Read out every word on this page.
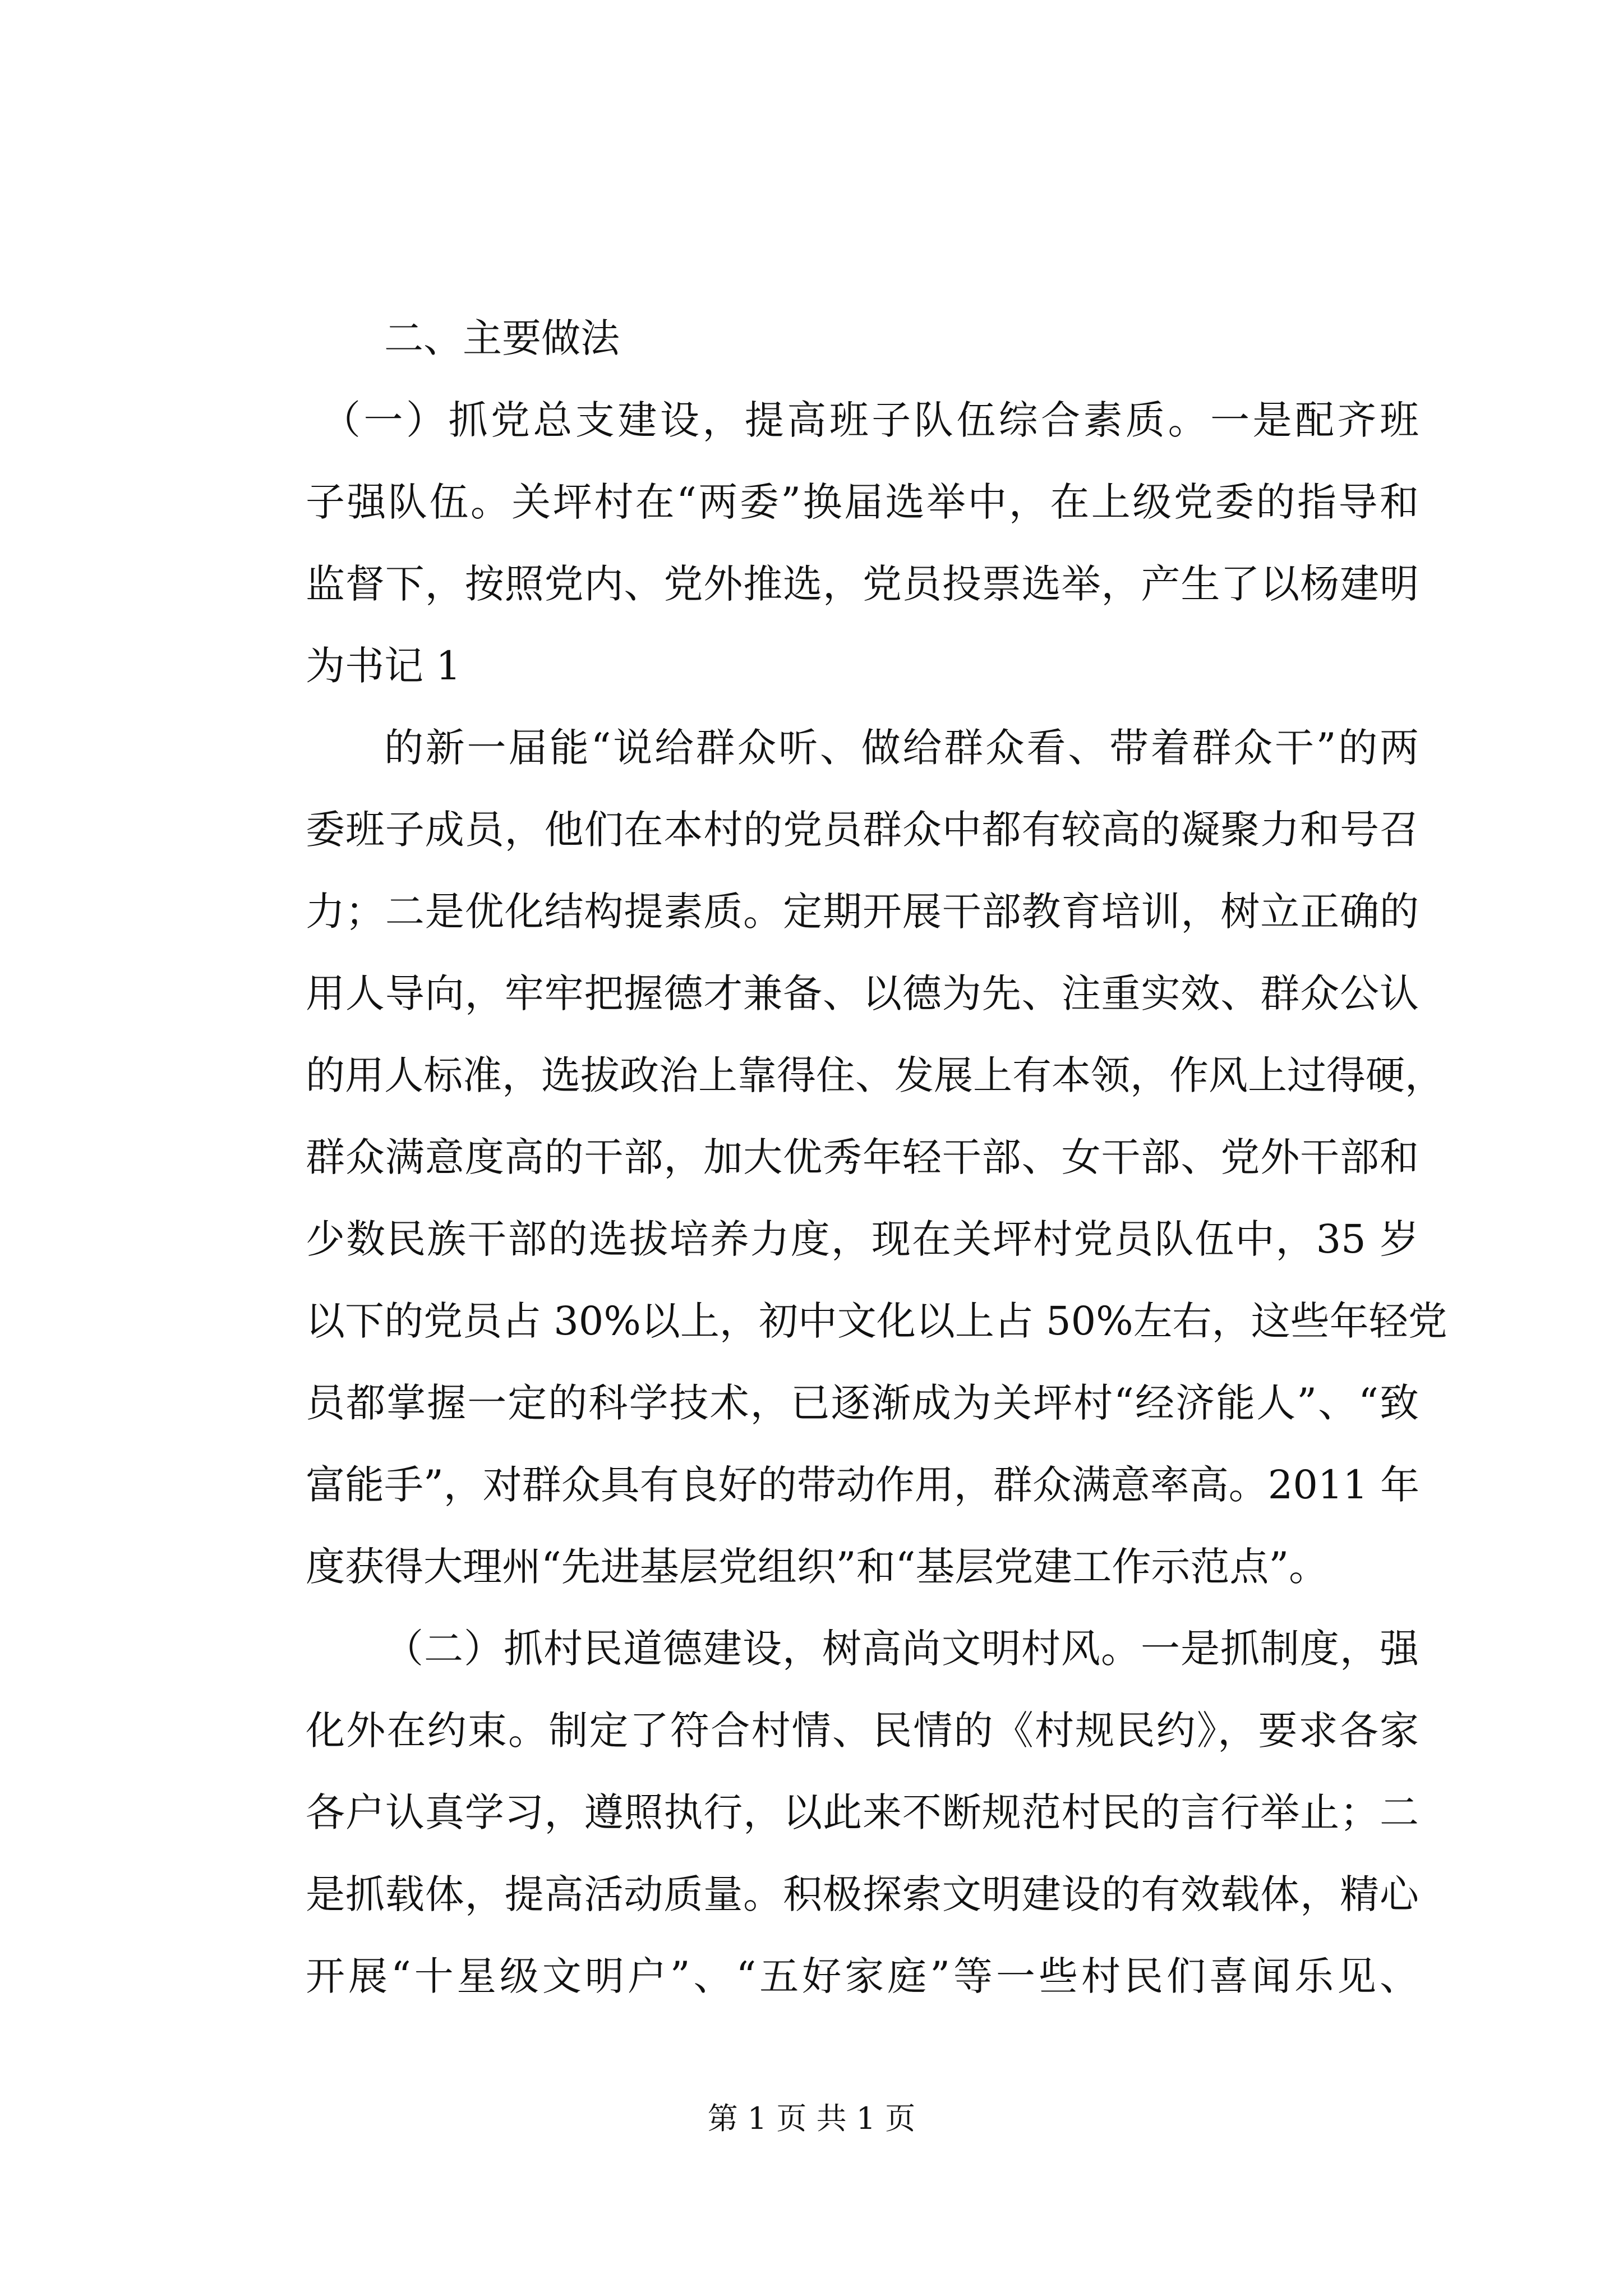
二、主要做法
（一）抓党总支建设，提高班子队伍综合素质。一是配齐班
子强队伍。关坪村在“两委”换届选举中，在上级党委的指导和
监督下，按照党内、党外推选，党员投票选举，产生了以杨建明
为书记 1
的新一届能“说给群众听、做给群众看、带着群众干”的两
委班子成员，他们在本村的党员群众中都有较高的凝聚力和号召
力；二是优化结构提素质。定期开展干部教育培训，树立正确的
用人导向，牢牢把握德才兼备、以德为先、注重实效、群众公认
的用人标准，选拔政治上靠得住、发展上有本领，作风上过得硬，
群众满意度高的干部，加大优秀年轻干部、女干部、党外干部和
少数民族干部的选拔培养力度，现在关坪村党员队伍中，35 岁
以下的党员占 30%以上，初中文化以上占 50%左右，这些年轻党
员都掌握一定的科学技术，已逐渐成为关坪村“经济能人”、“致
富能手”，对群众具有良好的带动作用，群众满意率高。2011 年
度获得大理州“先进基层党组织”和“基层党建工作示范点”。
（二）抓村民道德建设，树高尚文明村风。一是抓制度，强
化外在约束。制定了符合村情、民情的《村规民约》，要求各家
各户认真学习，遵照执行，以此来不断规范村民的言行举止；二
是抓载体，提高活动质量。积极探索文明建设的有效载体，精心
开展“十星级文明户”、“五好家庭”等一些村民们喜闻乐见、
第 1 页 共 1 页
